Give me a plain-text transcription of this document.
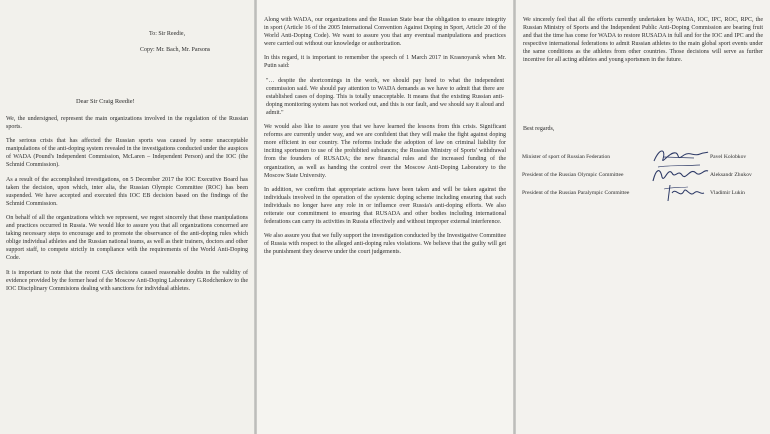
To: Sir Reedie,
Copy: Mr. Bach, Mr. Parsons
Dear Sir Craig Reedie!

We, the undersigned, represent the main organizations involved in the regulation of the Russian sports.

The serious crisis that has affected the Russian sports was caused by some unacceptable manipulations of the anti-doping system revealed in the investigations conducted under the auspices of WADA (Pound's Independent Commission, McLaren – Independent Person) and the IOC (the Schmid Commission).

As a result of the accomplished investigations, on 5 December 2017 the IOC Executive Board has taken the decision, upon which, inter alia, the Russian Olympic Committee (ROC) has been suspended. We have accepted and executed this IOC EB decision based on the findings of the Schmid Commission.

On behalf of all the organizations which we represent, we regret sincerely that these manipulations and practices occurred in Russia. We would like to assure you that all organizations concerned are taking necessary steps to encourage and to promote the observance of the anti-doping rules which oblige individual athletes and the Russian national teams, as well as their trainers, doctors and other support staff, to compete strictly in compliance with the requirements of the World Anti-Doping Code.

It is important to note that the recent CAS decisions caused reasonable doubts in the validity of evidence provided by the former head of the Moscow Anti-Doping Laboratory G.Rodchenkov to the IOC Disciplinary Commisions dealing with sanctions for individual athletes.

Along with WADA, our organizations and the Russian State bear the obligation to ensure integrity in sport (Article 16 of the 2005 International Convention Against Doping in Sport, Article 20 of the World Anti-Doping Code). We want to assure you that any eventual manipulations and practices were carried out without our knowledge or authorization.

In this regard, it is important to remember the speech of 1 March 2017 in Krasnoyarsk when Mr. Putin said:

"… despite the shortcomings in the work, we should pay heed to what the independent commission said. We should pay attention to WADA demands as we have to admit that there are established cases of doping. This is totally unacceptable. It means that the existing Russian anti-doping monitoring system has not worked out, and this is our fault, and we should say it aloud and admit."

We would also like to assure you that we have learned the lessons from this crisis. Significant reforms are currently under way, and we are confident that they will make the fight against doping more efficient in our country. The reforms include the adoption of law on criminal liability for inciting sportsmen to use of the prohibited substances; the Russian Ministry of Sports' withdrawal from the founders of RUSADA; the new financial rules and the increased funding of the organization, as well as handing the control over the Moscow Anti-Doping Laboratory to the Moscow State University.

In addition, we confirm that appropriate actions have been taken and will be taken against the individuals involved in the operation of the systemic doping scheme including ensuring that such individuals no longer have any role in or influence over Russia's anti-doping efforts. We also reiterate our commitment to ensuring that RUSADA and other bodies including international federations can carry its activities in Russia effectively and without improper external interference.

We also assure you that we fully support the investigation conducted by the Investigative Committee of Russia with respect to the alleged anti-doping rules violations. We believe that the guilty will get the punishment they deserve under the court judgements.

We sincerely feel that all the efforts currently undertaken by WADA, IOC, IPC, ROC, RPC, the Russian Ministry of Sports and the Independent Public Anti-Doping Commission are bearing fruit and that the time has come for WADA to restore RUSADA in full and for the IOC and IPC and the respective international federations to admit Russian athletes to the main global sport events under the same conditions as the athletes from other countries. Those decisions will serve as further incentive for all acting athletes and young sportsmen in the future.

Best regards,
Minister of sport of Russian Federation	Pavel Kolobkov
President of the Russian Olympic Committee	Aleksandr Zhukov
President of the Russian Paralympic Committee	Vladimir Lukin
